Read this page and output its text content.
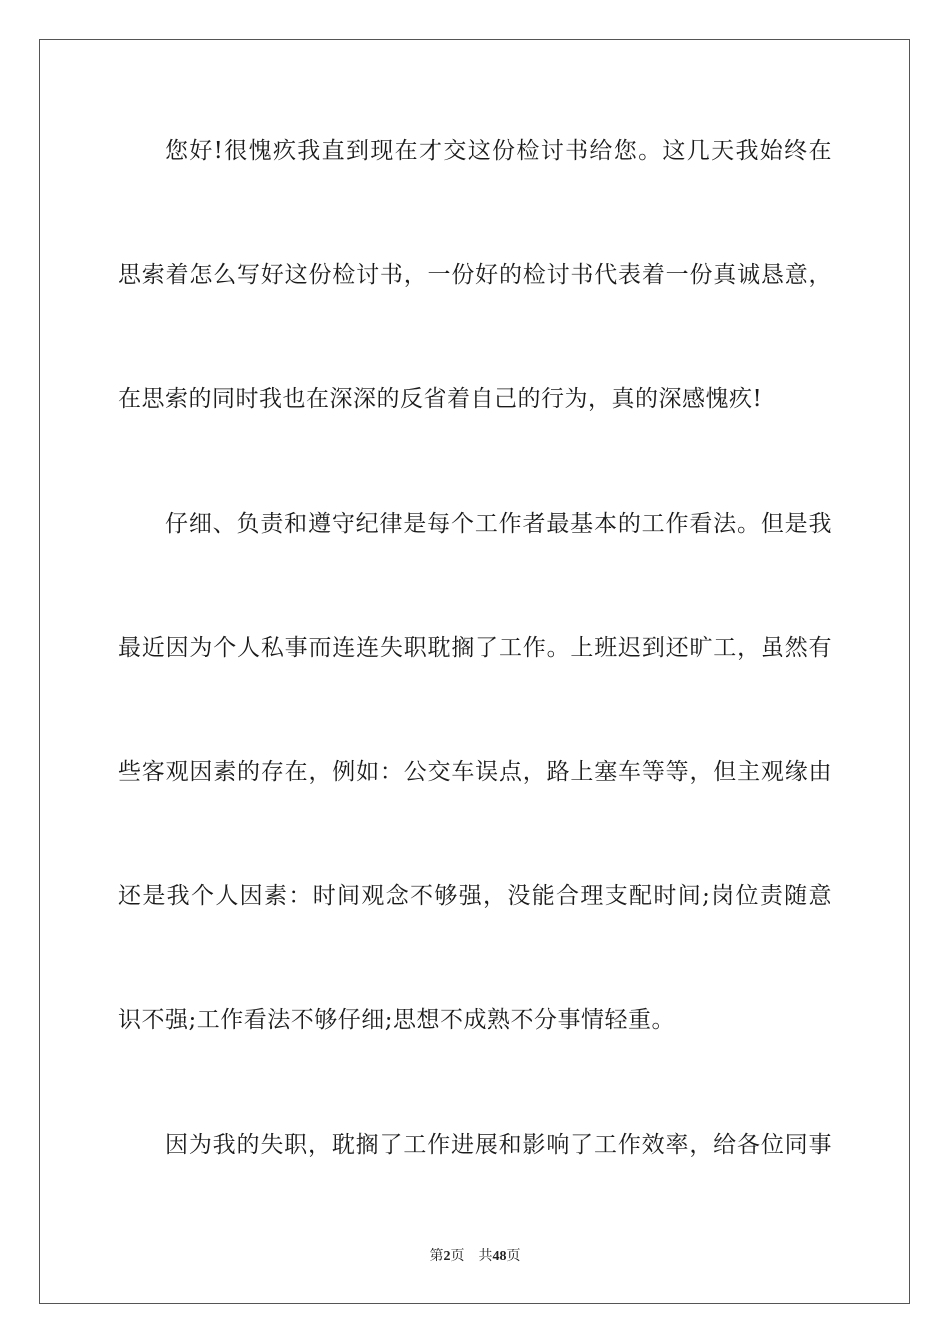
您好!很愧疚我直到现在才交这份检讨书给您。这几天我始终在
思索着怎么写好这份检讨书，一份好的检讨书代表着一份真诚恳意，
在思索的同时我也在深深的反省着自己的行为，真的深感愧疚!
仔细、负责和遵守纪律是每个工作者最基本的工作看法。但是我
最近因为个人私事而连连失职耽搁了工作。上班迟到还旷工，虽然有
些客观因素的存在，例如：公交车误点，路上塞车等等，但主观缘由
还是我个人因素：时间观念不够强，没能合理支配时间;岗位责随意
识不强;工作看法不够仔细;思想不成熟不分事情轻重。
因为我的失职，耽搁了工作进展和影响了工作效率，给各位同事
第2页 共48页
